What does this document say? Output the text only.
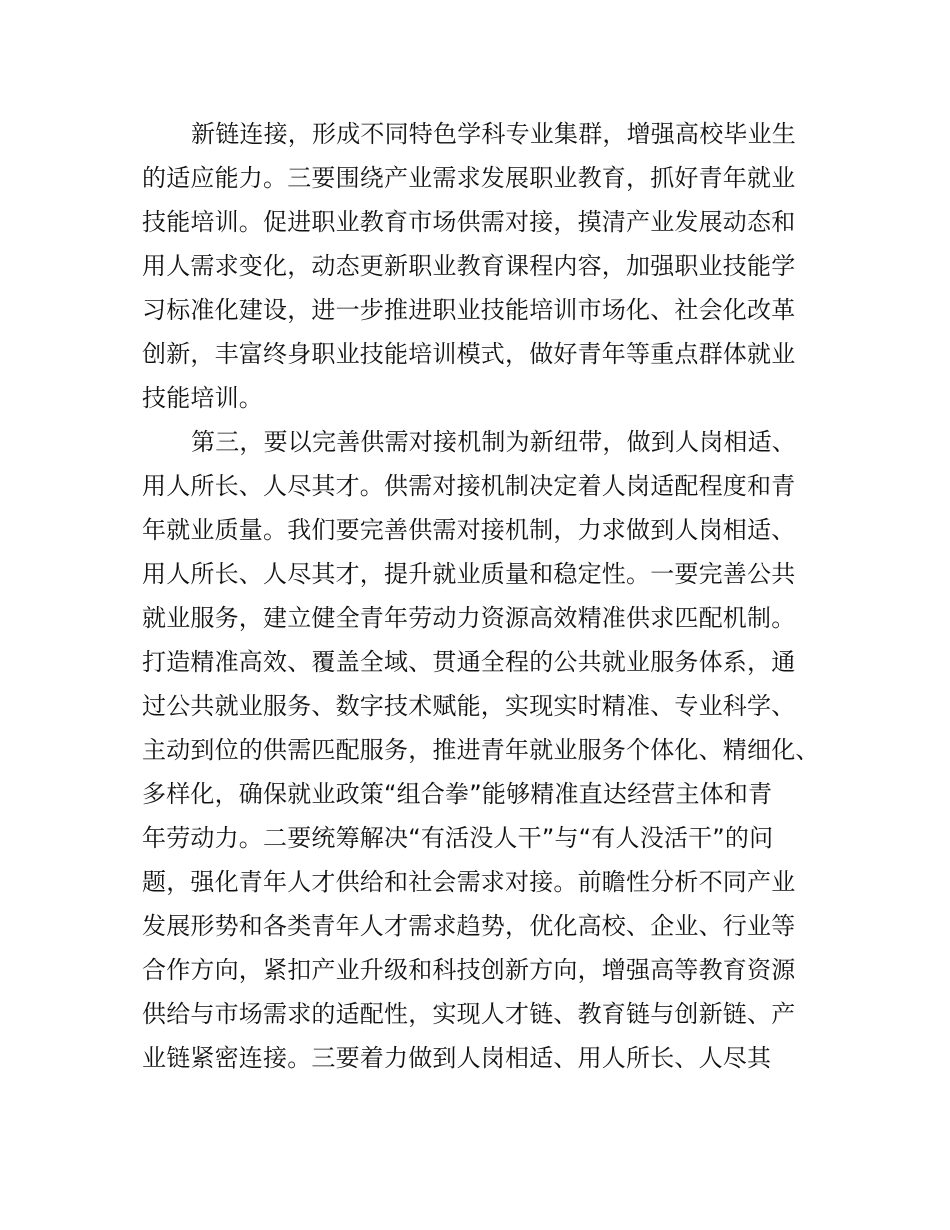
新链连接，形成不同特色学科专业集群，增强高校毕业生
的适应能力。三要围绕产业需求发展职业教育，抓好青年就业
技能培训。促进职业教育市场供需对接，摸清产业发展动态和
用人需求变化，动态更新职业教育课程内容，加强职业技能学
习标准化建设，进一步推进职业技能培训市场化、社会化改革
创新，丰富终身职业技能培训模式，做好青年等重点群体就业
技能培训。
第三，要以完善供需对接机制为新纽带，做到人岗相适、
用人所长、人尽其才。供需对接机制决定着人岗适配程度和青
年就业质量。我们要完善供需对接机制，力求做到人岗相适、
用人所长、人尽其才，提升就业质量和稳定性。一要完善公共
就业服务，建立健全青年劳动力资源高效精准供求匹配机制。
打造精准高效、覆盖全域、贯通全程的公共就业服务体系，通
过公共就业服务、数字技术赋能，实现实时精准、专业科学、
主动到位的供需匹配服务，推进青年就业服务个体化、精细化、
多样化，确保就业政策“组合拳”能够精准直达经营主体和青
年劳动力。二要统筹解决“有活没人干”与“有人没活干”的问
题，强化青年人才供给和社会需求对接。前瞻性分析不同产业
发展形势和各类青年人才需求趋势，优化高校、企业、行业等
合作方向，紧扣产业升级和科技创新方向，增强高等教育资源
供给与市场需求的适配性，实现人才链、教育链与创新链、产
业链紧密连接。三要着力做到人岗相适、用人所长、人尽其
